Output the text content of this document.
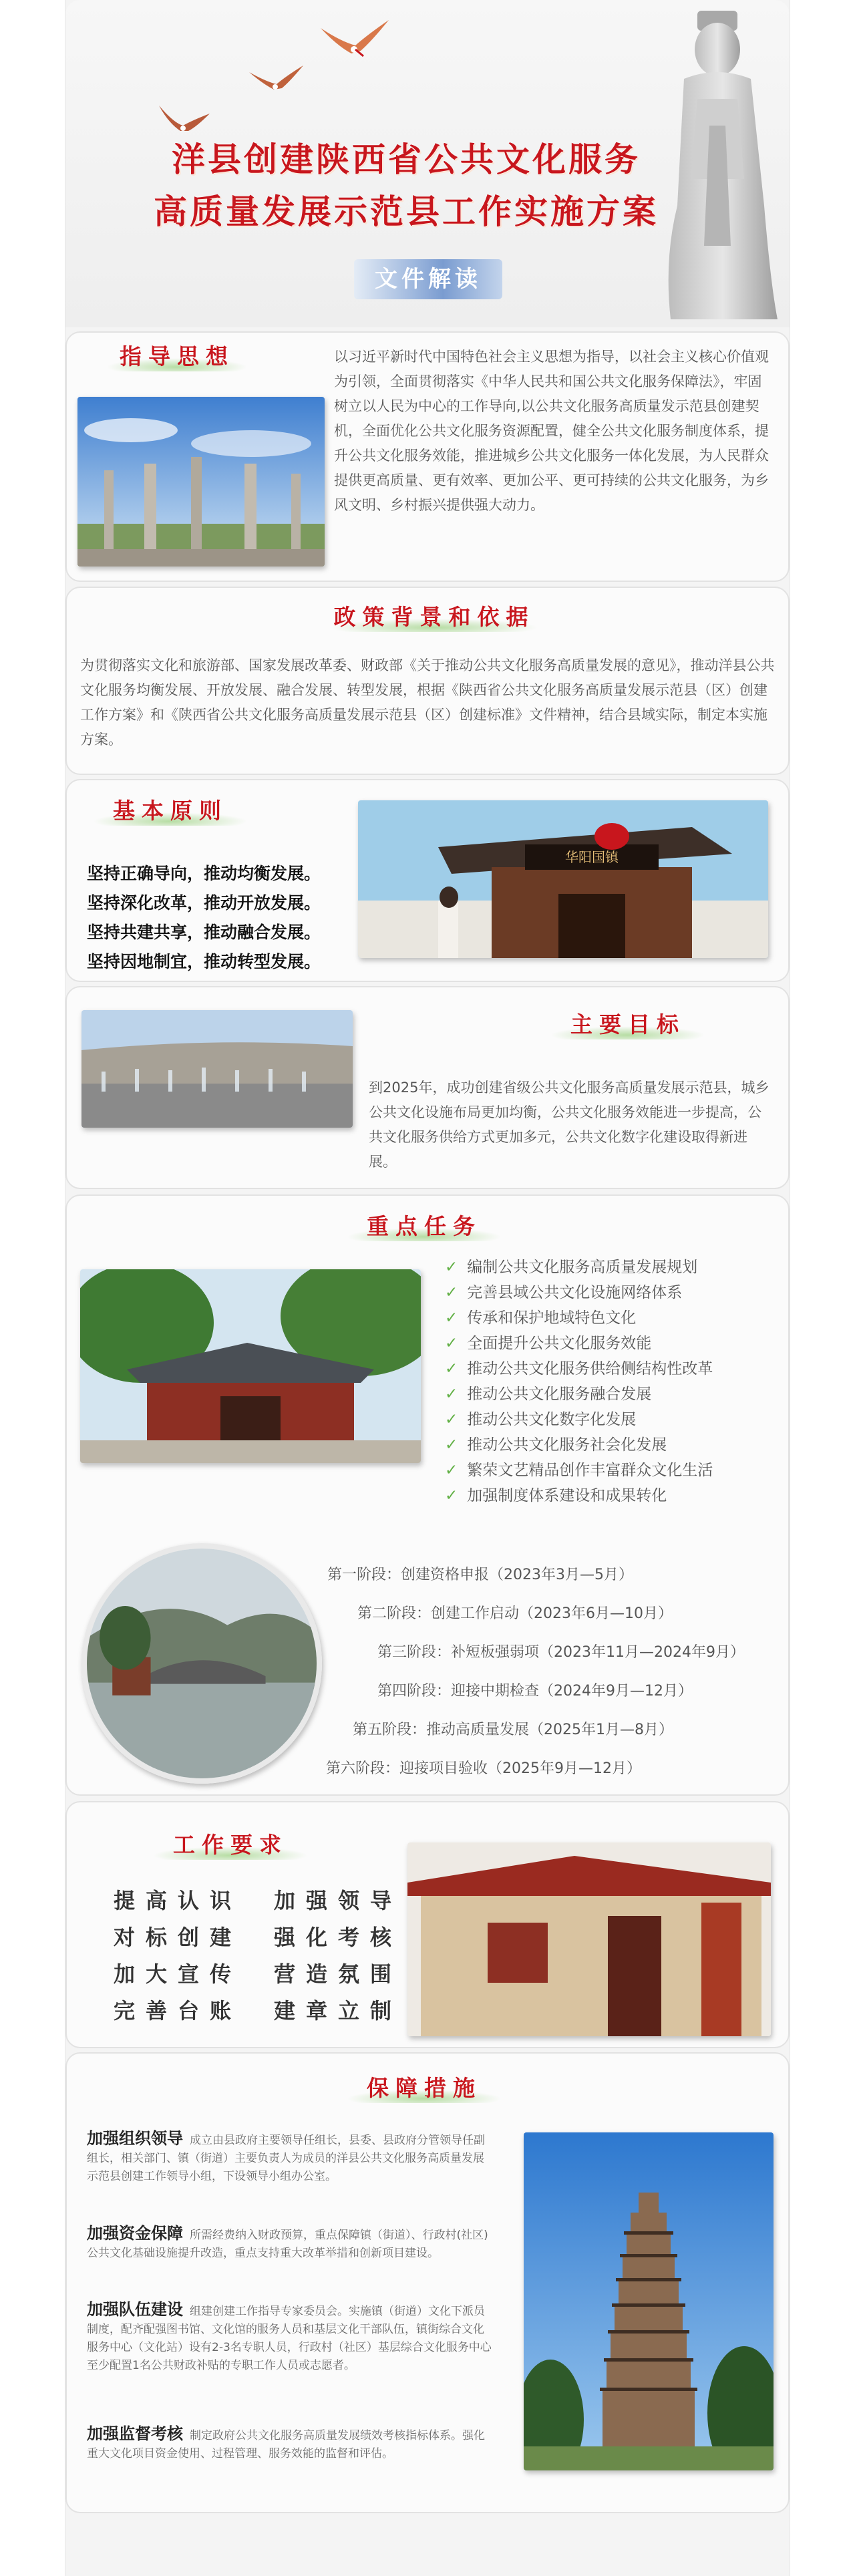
洋县创建陕西省公共文化服务
高质量发展示范县工作实施方案
文件解读
指导思想	以习近平新时代中国特色社会主义思想为指导，以社会主义核心价值观为引领，全面贯彻落实《中华人民共和国公共文化服务保障法》，牢固树立以人民为中心的工作导向,以公共文化服务高质量发示范县创建契机，全面优化公共文化服务资源配置，健全公共文化服务制度体系，提升公共文化服务效能，推进城乡公共文化服务一体化发展，为人民群众提供更高质量、更有效率、更加公平、更可持续的公共文化服务，为乡风文明、乡村振兴提供强大动力。
政策背景和依据
为贯彻落实文化和旅游部、国家发展改革委、财政部《关于推动公共文化服务高质量发展的意见》，推动洋县公共文化服务均衡发展、开放发展、融合发展、转型发展，根据《陕西省公共文化服务高质量发展示范县（区）创建工作方案》和《陕西省公共文化服务高质量发展示范县（区）创建标准》文件精神，结合县域实际，制定本实施方案。
基本原则
坚持正确导向，推动均衡发展。
坚持深化改革，推动开放发展。
坚持共建共享，推动融合发展。
坚持因地制宜，推动转型发展。
华阳国镇
主要目标
到2025年，成功创建省级公共文化服务高质量发展示范县，城乡公共文化设施布局更加均衡，公共文化服务效能进一步提高，公共文化服务供给方式更加多元，公共文化数字化建设取得新进展。
重点任务
✓ 编制公共文化服务高质量发展规划
✓ 完善县域公共文化设施网络体系
✓ 传承和保护地域特色文化
✓ 全面提升公共文化服务效能
✓ 推动公共文化服务供给侧结构性改革
✓ 推动公共文化服务融合发展
✓ 推动公共文化数字化发展
✓ 推动公共文化服务社会化发展
✓ 繁荣文艺精品创作丰富群众文化生活
✓ 加强制度体系建设和成果转化
第一阶段：创建资格申报（2023年3月—5月）
第二阶段：创建工作启动（2023年6月—10月）
第三阶段：补短板强弱项（2023年11月—2024年9月）
第四阶段：迎接中期检查（2024年9月—12月）
第五阶段：推动高质量发展（2025年1月—8月）
第六阶段：迎接项目验收（2025年9月—12月）
工作要求
提高认识 加强领导
对标创建 强化考核
加大宣传 营造氛围
完善台账 建章立制
保障措施
加强组织领导 成立由县政府主要领导任组长，县委、县政府分管领导任副组长，相关部门、镇（街道）主要负责人为成员的洋县公共文化服务高质量发展示范县创建工作领导小组，下设领导小组办公室。
加强资金保障 所需经费纳入财政预算，重点保障镇（街道）、行政村(社区)公共文化基础设施提升改造，重点支持重大改革举措和创新项目建设。
加强队伍建设 组建创建工作指导专家委员会。实施镇（街道）文化下派员制度，配齐配强图书馆、文化馆的服务人员和基层文化干部队伍，镇街综合文化服务中心（文化站）设有2-3名专职人员，行政村（社区）基层综合文化服务中心至少配置1名公共财政补贴的专职工作人员或志愿者。
加强监督考核 制定政府公共文化服务高质量发展绩效考核指标体系。强化重大文化项目资金使用、过程管理、服务效能的监督和评估。
